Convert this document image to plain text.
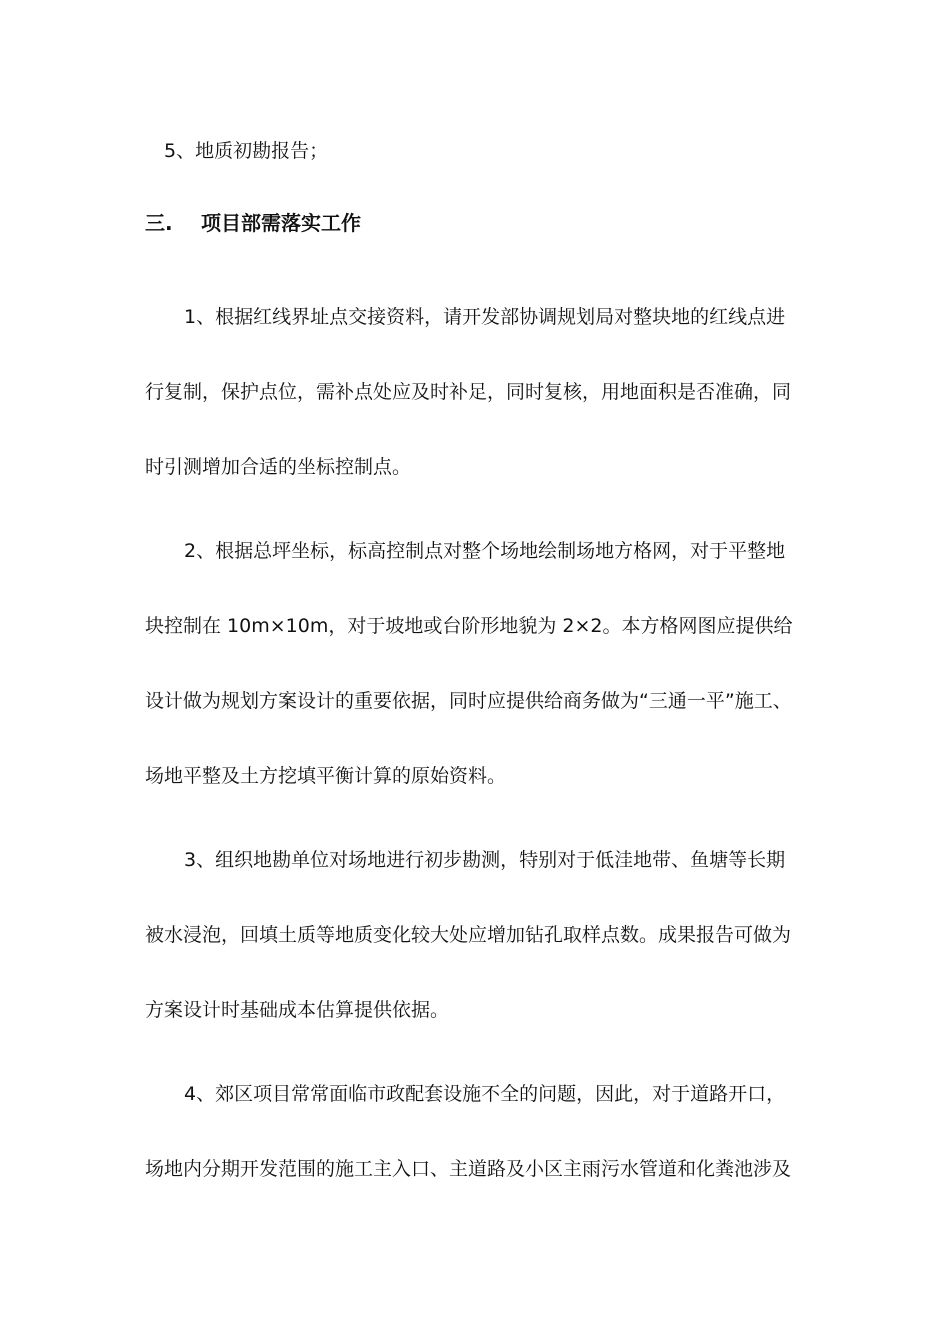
5、地质初勘报告；
三. 项目部需落实工作
1、根据红线界址点交接资料，请开发部协调规划局对整块地的红线点进
行复制，保护点位，需补点处应及时补足，同时复核，用地面积是否准确，同
时引测增加合适的坐标控制点。
2、根据总坪坐标，标高控制点对整个场地绘制场地方格网，对于平整地
块控制在 10m×10m，对于坡地或台阶形地貌为 2×2。本方格网图应提供给
设计做为规划方案设计的重要依据，同时应提供给商务做为“三通一平”施工、
场地平整及土方挖填平衡计算的原始资料。
3、组织地勘单位对场地进行初步勘测，特别对于低洼地带、鱼塘等长期
被水浸泡，回填土质等地质变化较大处应增加钻孔取样点数。成果报告可做为
方案设计时基础成本估算提供依据。
4、郊区项目常常面临市政配套设施不全的问题，因此，对于道路开口，
场地内分期开发范围的施工主入口、主道路及小区主雨污水管道和化粪池涉及
